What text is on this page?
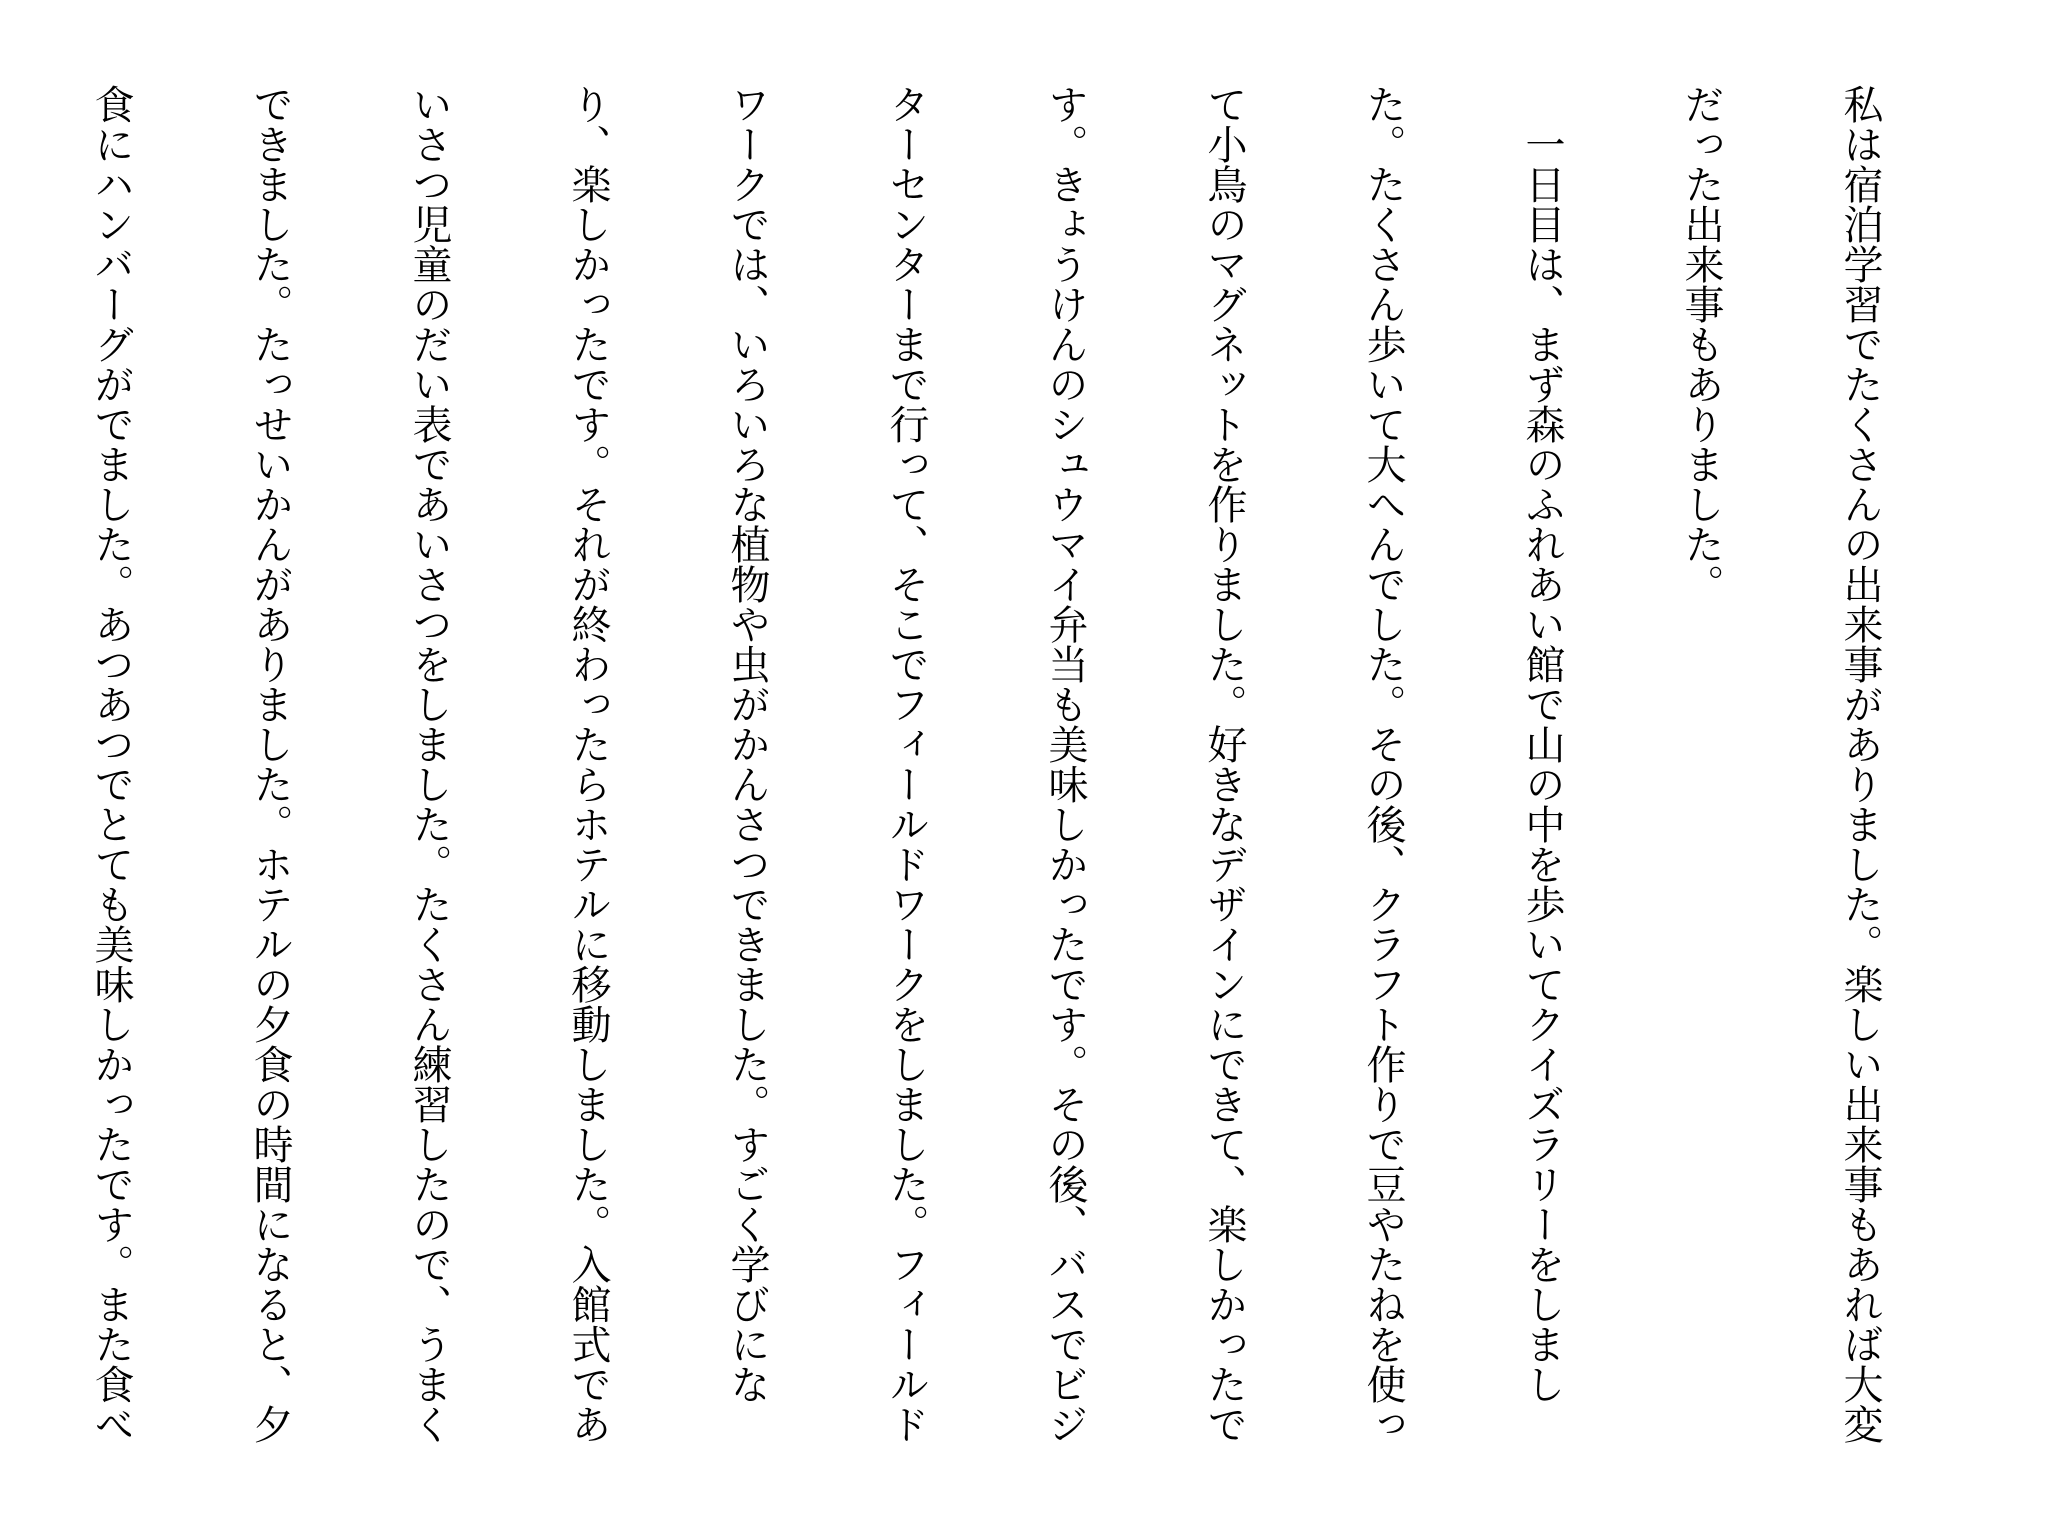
私は宿泊学習でたくさんの出来事がありました。楽しい出来事もあれば大変

だった出来事もありました。

　一日目は、まず森のふれあい館で山の中を歩いてクイズラリーをしまし

た。たくさん歩いて大へんでした。その後、クラフト作りで豆やたねを使っ

て小鳥のマグネットを作りました。好きなデザインにできて、楽しかったで

す。きょうけんのシュウマイ弁当も美味しかったです。その後、バスでビジ

ターセンターまで行って、そこでフィールドワークをしました。フィールド

ワークでは、いろいろな植物や虫がかんさつできました。すごく学びにな

り、楽しかったです。それが終わったらホテルに移動しました。入館式であ

いさつ児童のだい表であいさつをしました。たくさん練習したので、うまく

できました。たっせいかんがありました。ホテルの夕食の時間になると、夕

食にハンバーグがでました。あつあつでとても美味しかったです。また食べ
